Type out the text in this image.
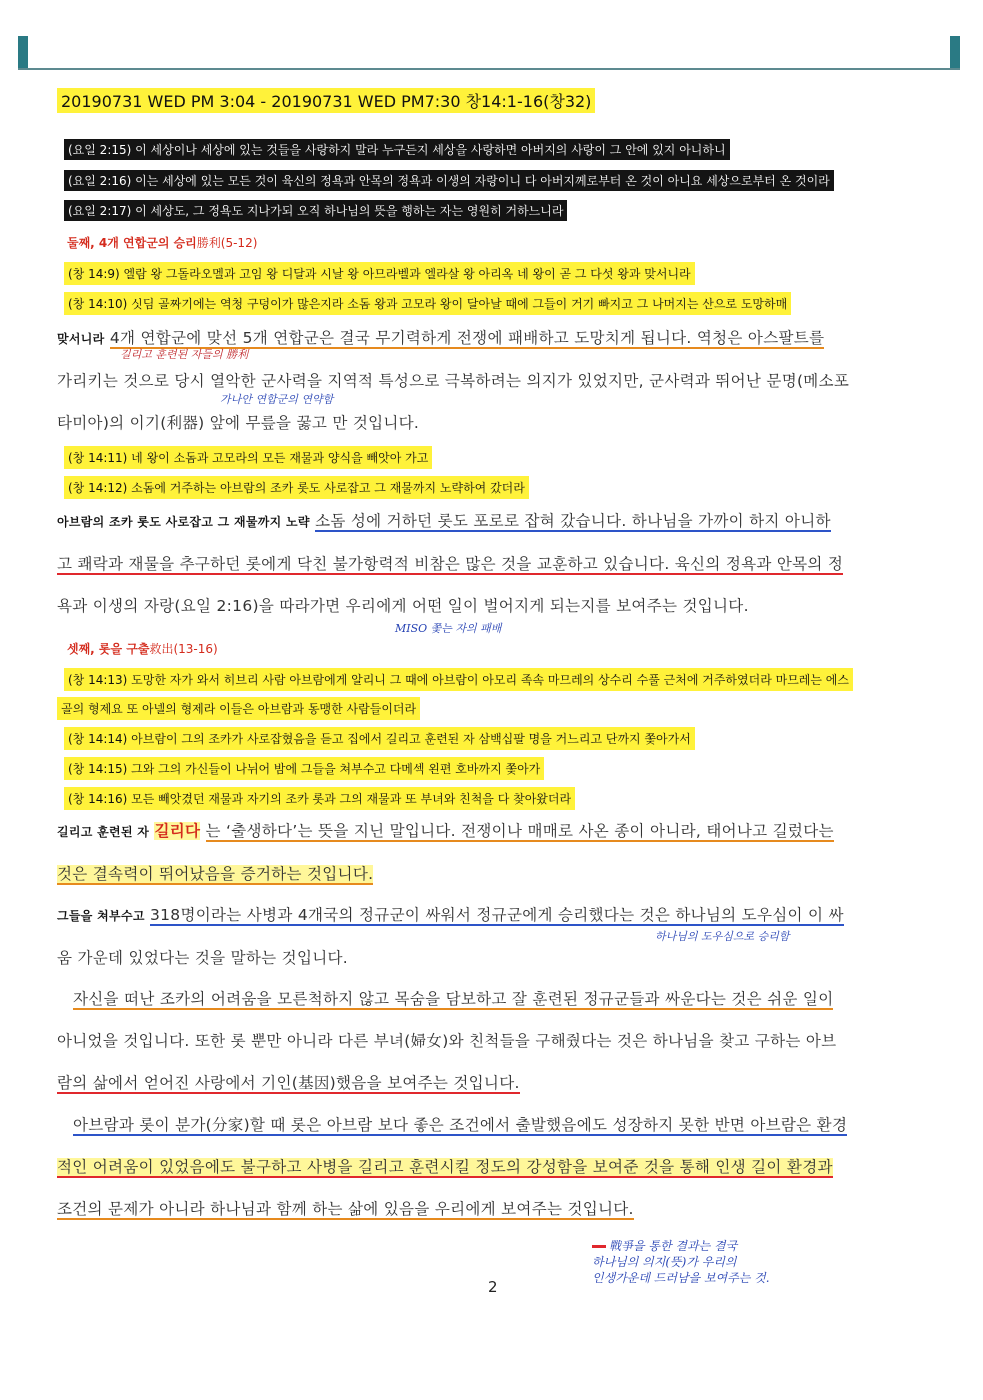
20190731 WED PM 3:04 - 20190731 WED PM7:30 창14:1-16(창32)
(요일 2:15) 이 세상이나 세상에 있는 것들을 사랑하지 말라 누구든지 세상을 사랑하면 아버지의 사랑이 그 안에 있지 아니하니
(요일 2:16) 이는 세상에 있는 모든 것이 육신의 정욕과 안목의 정욕과 이생의 자랑이니 다 아버지께로부터 온 것이 아니요 세상으로부터 온 것이라
(요일 2:17) 이 세상도, 그 정욕도 지나가되 오직 하나님의 뜻을 행하는 자는 영원히 거하느니라
둘째, 4개 연합군의 승리勝利(5-12)
(창 14:9) 엘람 왕 그돌라오멜과 고임 왕 디달과 시날 왕 아므라벨과 엘라살 왕 아리옥 네 왕이 곧 그 다섯 왕과 맞서니라
(창 14:10) 싯딤 골짜기에는 역청 구덩이가 많은지라 소돔 왕과 고모라 왕이 달아날 때에 그들이 거기 빠지고 그 나머지는 산으로 도망하매
맞서니라 4개 연합군에 맞선 5개 연합군은 결국 무기력하게 전쟁에 패배하고 도망치게 됩니다. 역청은 아스팔트를
가리키는 것으로 당시 열악한 군사력을 지역적 특성으로 극복하려는 의지가 있었지만, 군사력과 뛰어난 문명(메소포
타미아)의 이기(利器) 앞에 무릎을 꿇고 만 것입니다.
길리고 훈련된 자들의 勝利
가나안 연합군의 연약함
(창 14:11) 네 왕이 소돔과 고모라의 모든 재물과 양식을 빼앗아 가고
(창 14:12) 소돔에 거주하는 아브람의 조카 롯도 사로잡고 그 재물까지 노략하여 갔더라
아브람의 조카 롯도 사로잡고 그 재물까지 노략 소돔 성에 거하던 롯도 포로로 잡혀 갔습니다. 하나님을 가까이 하지 아니하
고 쾌락과 재물을 추구하던 롯에게 닥친 불가항력적 비참은 많은 것을 교훈하고 있습니다. 육신의 정욕과 안목의 정
욕과 이생의 자랑(요일 2:16)을 따라가면 우리에게 어떤 일이 벌어지게 되는지를 보여주는 것입니다.
MISO 쫓는 자의 패배
셋째, 롯을 구출救出(13-16)
(창 14:13) 도망한 자가 와서 히브리 사람 아브람에게 알리니 그 때에 아브람이 아모리 족속 마므레의 상수리 수풀 근처에 거주하였더라 마므레는 에스
골의 형제요 또 아넬의 형제라 이들은 아브람과 동맹한 사람들이더라
(창 14:14) 아브람이 그의 조카가 사로잡혔음을 듣고 집에서 길리고 훈련된 자 삼백십팔 명을 거느리고 단까지 쫓아가서
(창 14:15) 그와 그의 가신들이 나뉘어 밤에 그들을 쳐부수고 다메섹 왼편 호바까지 쫓아가
(창 14:16) 모든 빼앗겼던 재물과 자기의 조카 롯과 그의 재물과 또 부녀와 친척을 다 찾아왔더라
길리고 훈련된 자 길리다 는 ‘출생하다’는 뜻을 지닌 말입니다. 전쟁이나 매매로 사온 종이 아니라, 태어나고 길렀다는
것은 결속력이 뛰어났음을 증거하는 것입니다.
그들을 쳐부수고 318명이라는 사병과 4개국의 정규군이 싸워서 정규군에게 승리했다는 것은 하나님의 도우심이 이 싸
움 가운데 있었다는 것을 말하는 것입니다.
하나님의 도우심으로 승리함
자신을 떠난 조카의 어려움을 모른척하지 않고 목숨을 담보하고 잘 훈련된 정규군들과 싸운다는 것은 쉬운 일이
아니었을 것입니다. 또한 롯 뿐만 아니라 다른 부녀(婦女)와 친척들을 구해줬다는 것은 하나님을 찾고 구하는 아브
람의 삶에서 얻어진 사랑에서 기인(基因)했음을 보여주는 것입니다.
아브람과 롯이 분가(分家)할 때 롯은 아브람 보다 좋은 조건에서 출발했음에도 성장하지 못한 반면 아브람은 환경
적인 어려움이 있었음에도 불구하고 사병을 길리고 훈련시킬 정도의 강성함을 보여준 것을 통해 인생 길이 환경과
조건의 문제가 아니라 하나님과 함께 하는 삶에 있음을 우리에게 보여주는 것입니다.
2
戰爭을 통한 결과는 결국
하나님의 의지(뜻)가 우리의
인생가운데 드러남을 보여주는 것.
